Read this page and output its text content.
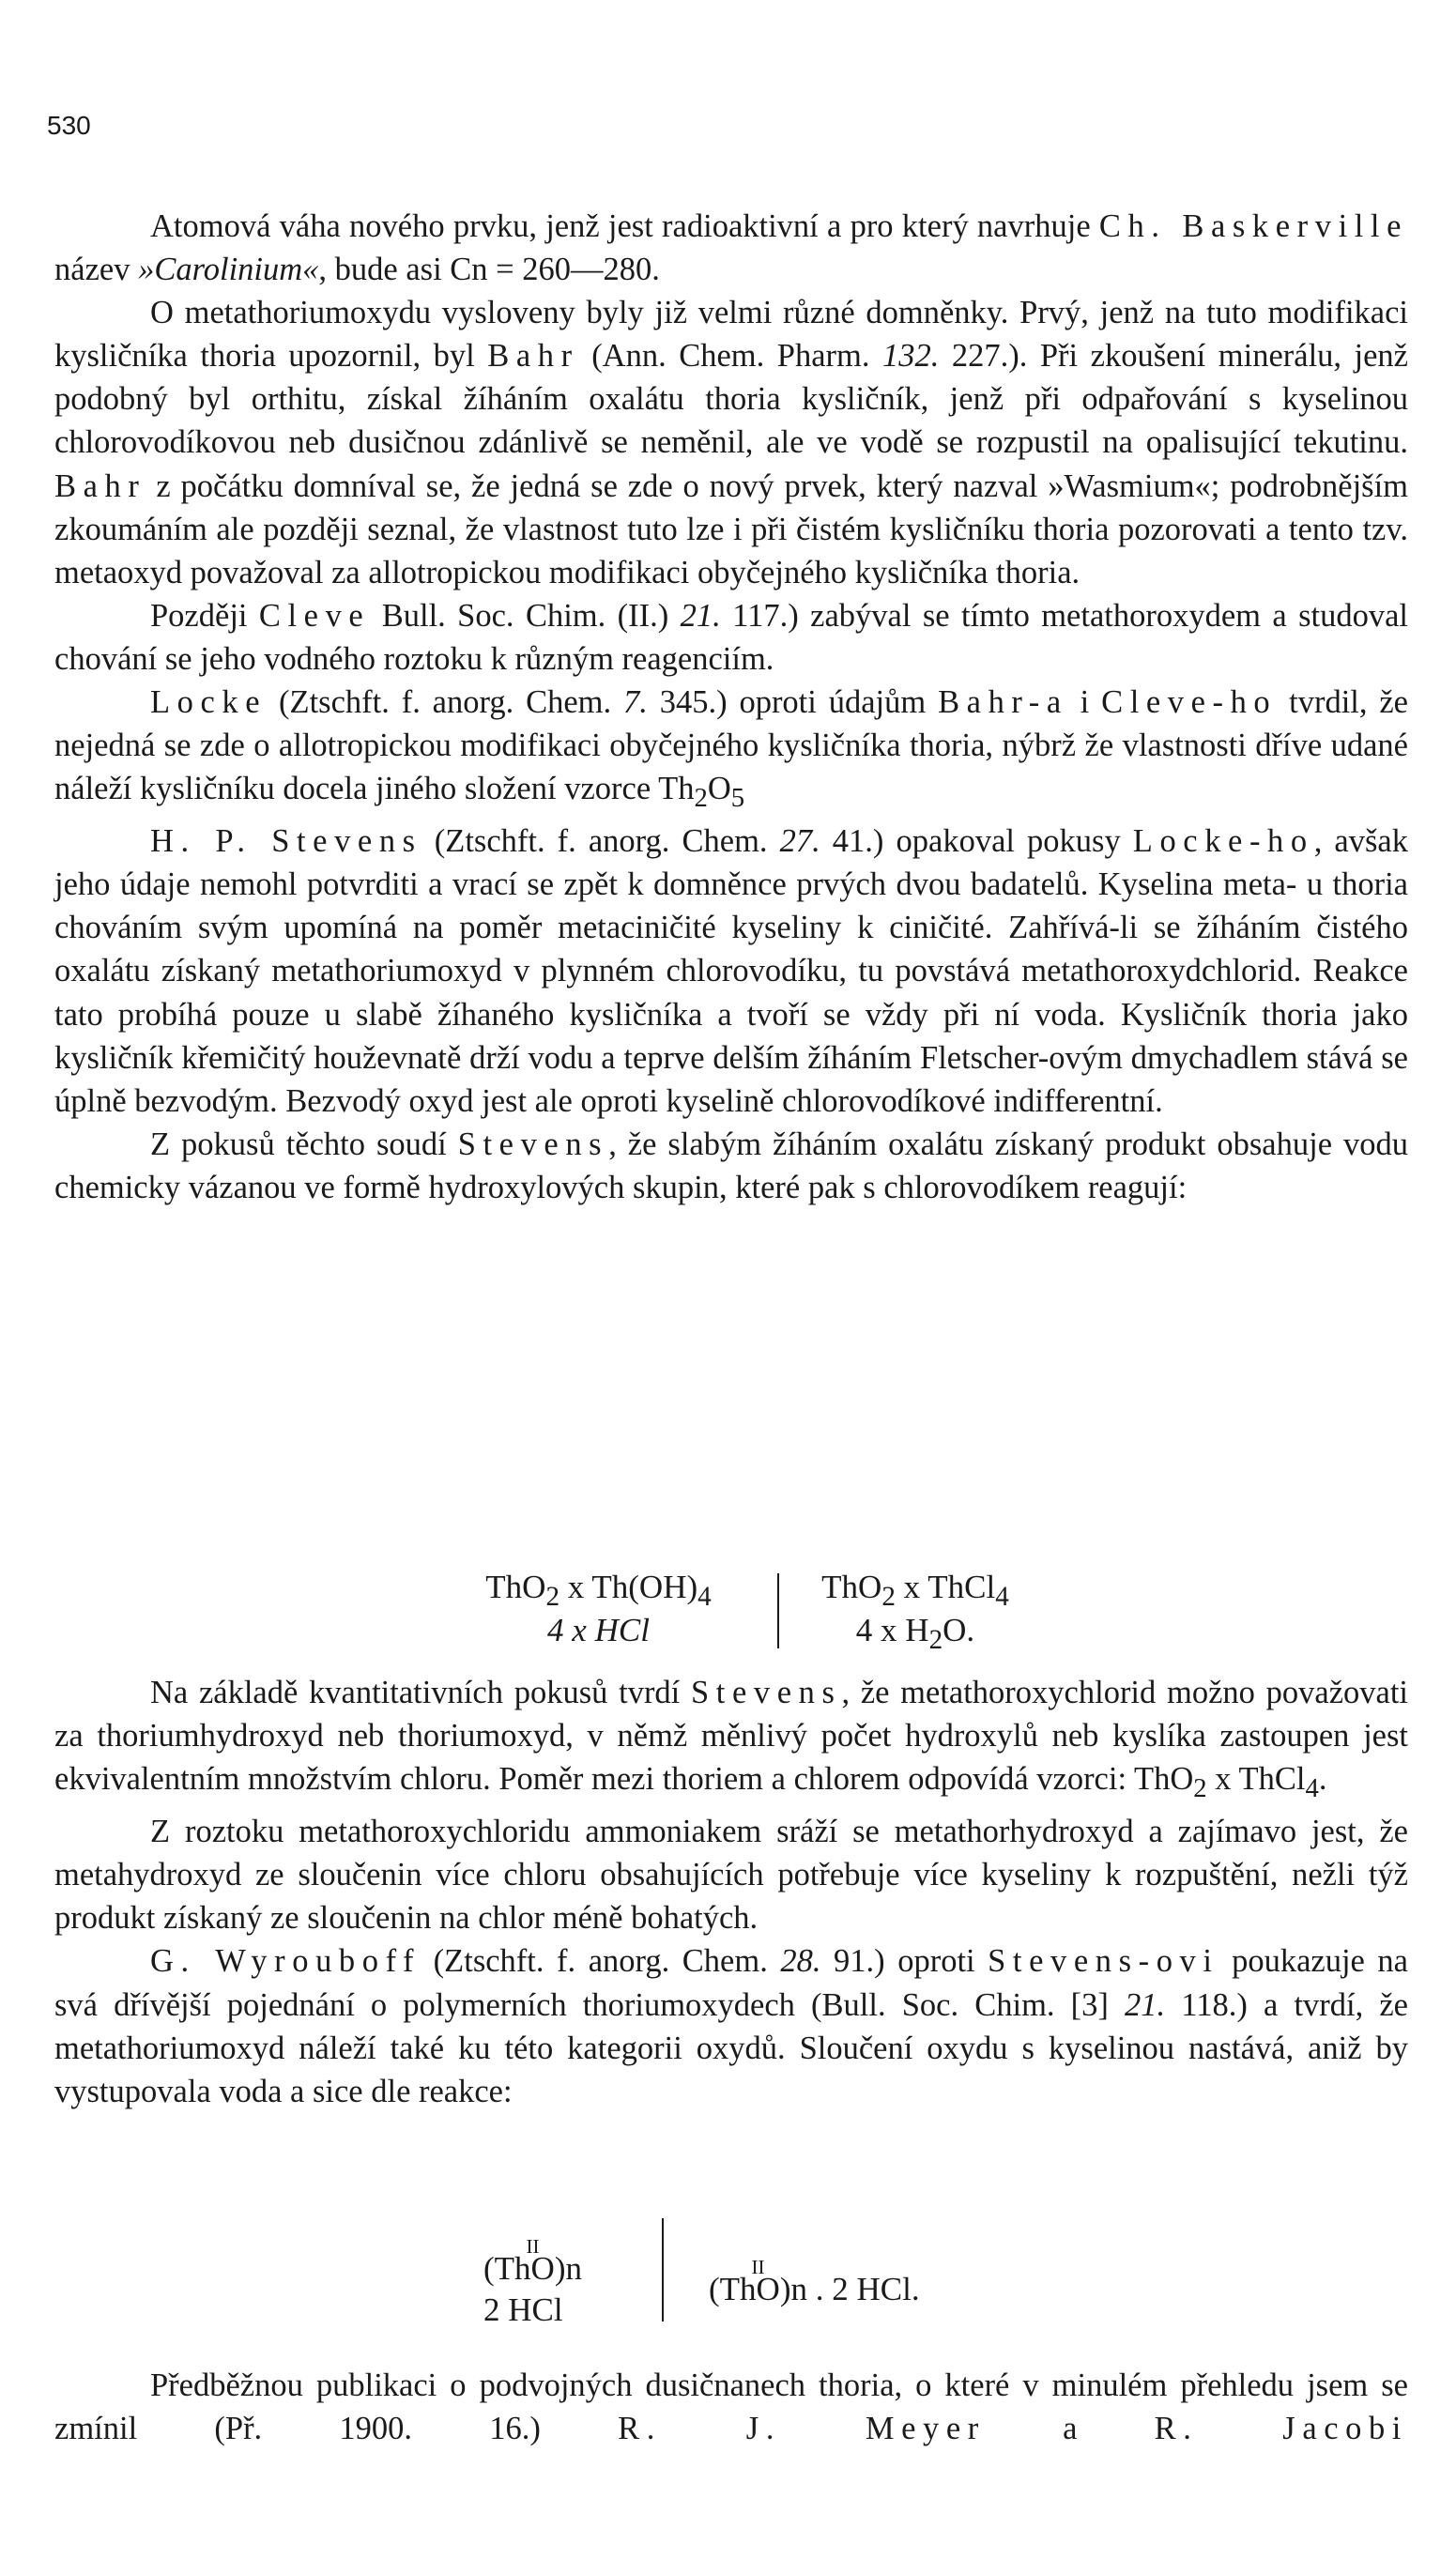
530
Atomová váha nového prvku, jenž jest radioaktivní a pro který navrhuje Ch. Baskerville název »Carolinium«, bude asi Cn = 260—280.
O metathoriumoxydu vysloveny byly již velmi různé domněnky. Prvý, jenž na tuto modifikaci kysličníka thoria upozornil, byl Bahr (Ann. Chem. Pharm. 132. 227.). Při zkoušení minerálu, jenž podobný byl orthitu, získal žíháním oxalátu thoria kysličník, jenž při odpařování s kyselinou chlorovodíkovou neb dusičnou zdánlivě se neměnil, ale ve vodě se rozpustil na opalisující tekutinu. Bahr z počátku domníval se, že jedná se zde o nový prvek, který nazval »Wasmium«; podrobnějším zkoumáním ale později seznal, že vlastnost tuto lze i při čistém kysličníku thoria pozorovati a tento tzv. metaoxyd považoval za allotropickou modifikaci obyčejného kysličníka thoria.
Později Cleve Bull. Soc. Chim. (II.) 21. 117.) zabýval se tímto metathoroxydem a studoval chování se jeho vodného roztoku k různým reagenciím.
Locke (Ztschft. f. anorg. Chem. 7. 345.) oproti údajům Bahr-a i Cleve-ho tvrdil, že nejedná se zde o allotropickou modifikaci obyčejného kysličníka thoria, nýbrž že vlastnosti dříve udané náleží kysličníku docela jiného složení vzorce $Th_2O_5$
H. P. Stevens (Ztschft. f. anorg. Chem. 27. 41.) opakoval pokusy Locke-ho, avšak jeho údaje nemohl potvrditi a vrací se zpět k domněnce prvých dvou badatelů. Kyselina meta- u thoria chováním svým upomíná na poměr metaciničité kyseliny k ciničité. Zahřívá-li se žíháním čistého oxalátu získaný metathoriumoxyd v plynném chlorovodíku, tu povstává metathoroxydchlorid. Reakce tato probíhá pouze u slabě žíhaného kysličníka a tvoří se vždy při ní voda. Kysličník thoria jako kysličník křemičitý houževnatě drží vodu a teprve delším žíháním Fletscher-ovým dmychadlem stává se úplně bezvodým. Bezvodý oxyd jest ale oproti kyselině chlorovodíkové indifferentní.
Z pokusů těchto soudí Stevens, že slabým žíháním oxalátu získaný produkt obsahuje vodu chemicky vázanou ve formě hydroxylových skupin, které pak s chlorovodíkem reagují:
ThO$_2$ x $Th(OH)_4$
4 x HCl
ThO$_2$ x ThCl$_4$
4 x $H_2O$.
Na základě kvantitativních pokusů tvrdí Stevens, že metathoroxychlorid možno považovati za thoriumhydroxyd neb thoriumoxyd, v němž měnlivý počet hydroxylů neb kyslíka zastoupen jest ekvivalentním množstvím chloru. Poměr mezi thoriem a chlorem odpovídá vzorci: ThO$_2$ x ThCl$_4$.
Z roztoku metathoroxychloridu ammoniakem sráží se metathorhydroxyd a zajímavo jest, že metahydroxyd ze sloučenin více chloru obsahujících potřebuje více kyseliny k rozpuštění, nežli týž produkt získaný ze sloučenin na chlor méně bohatých.
G. Wyrouboff (Ztschft. f. anorg. Chem. 28. 91.) oproti Stevens-ovi poukazuje na svá dřívější pojednání o polymerních thoriumoxydech (Bull. Soc. Chim. [3] 21. 118.) a tvrdí, že metathoriumoxyd náleží také ku této kategorii oxydů. Sloučení oxydu s kyselinou nastává, aniž by vystupovala voda a sice dle reakce:
(Th
II
O)n
2 HCl
(Th
II
O)n . 2 HCl.
Předběžnou publikaci o podvojných dusičnanech thoria, o které v minulém přehledu jsem se zmínil (Př. 1900. 16.) R. J. Meyer a R. Jacobi
